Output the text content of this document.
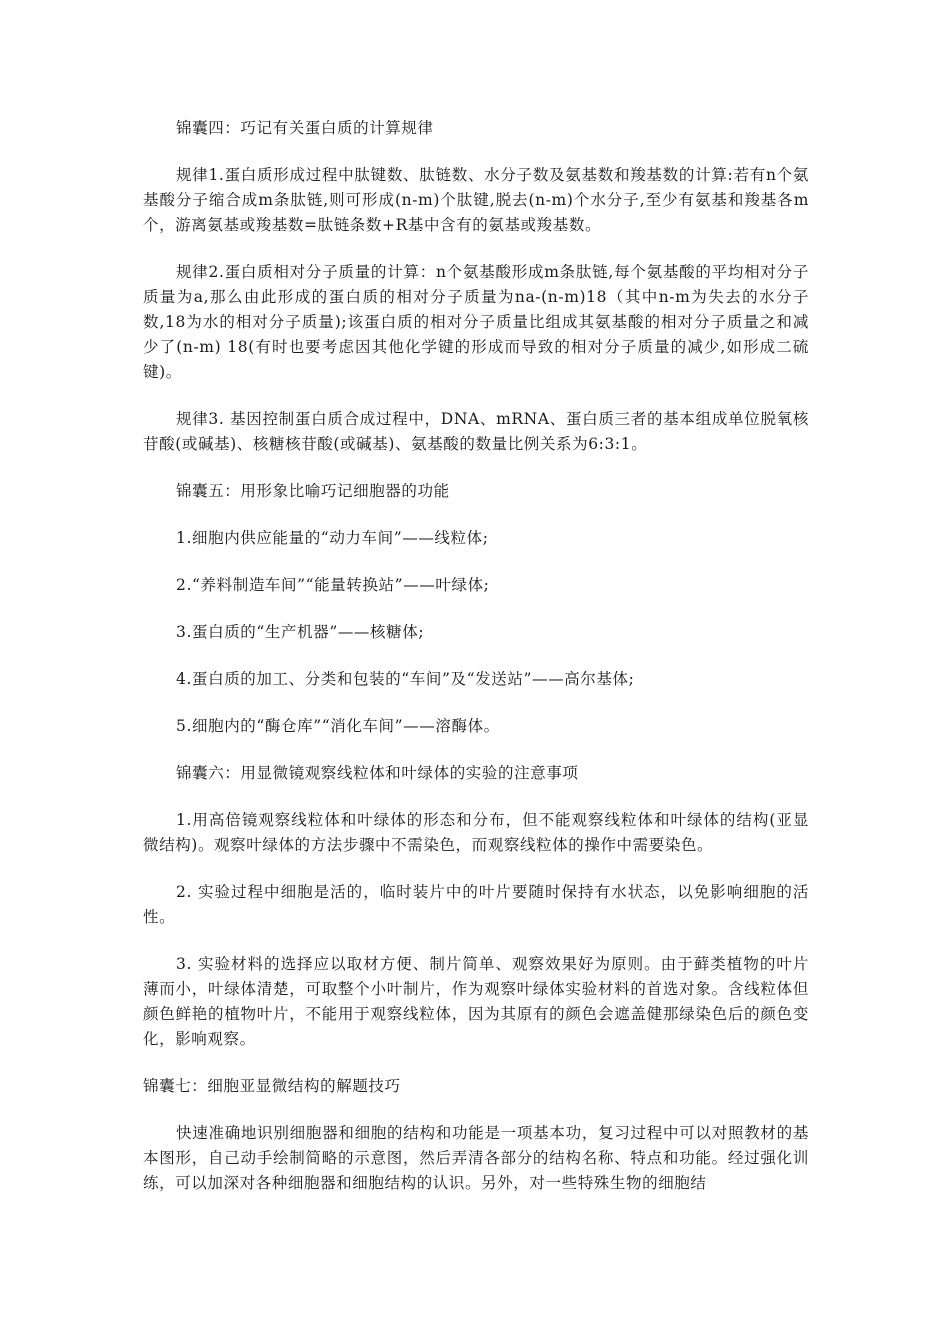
锦囊四：巧记有关蛋白质的计算规律

规律1.蛋白质形成过程中肽键数、肽链数、水分子数及氨基数和羧基数的计算:若有n个氨基酸分子缩合成m条肽链,则可形成(n-m)个肽键,脱去(n-m)个水分子,至少有氨基和羧基各m个，游离氨基或羧基数=肽链条数+R基中含有的氨基或羧基数。

规律2.蛋白质相对分子质量的计算：n个氨基酸形成m条肽链,每个氨基酸的平均相对分子质量为a,那么由此形成的蛋白质的相对分子质量为na-(n-m)18（其中n-m为失去的水分子数,18为水的相对分子质量);该蛋白质的相对分子质量比组成其氨基酸的相对分子质量之和减少了(n-m) 18(有时也要考虑因其他化学键的形成而导致的相对分子质量的减少,如形成二硫键)。

规律3. 基因控制蛋白质合成过程中，DNA、mRNA、蛋白质三者的基本组成单位脱氧核苷酸(或碱基)、核糖核苷酸(或碱基)、氨基酸的数量比例关系为6:3:1。

锦囊五：用形象比喻巧记细胞器的功能

1.细胞内供应能量的“动力车间”——线粒体;

2.“养料制造车间”“能量转换站”——叶绿体;

3.蛋白质的“生产机器”——核糖体;

4.蛋白质的加工、分类和包装的“车间”及“发送站”——高尔基体;

5.细胞内的“酶仓库”“消化车间”——溶酶体。

锦囊六：用显微镜观察线粒体和叶绿体的实验的注意事项

1.用高倍镜观察线粒体和叶绿体的形态和分布，但不能观察线粒体和叶绿体的结构(亚显微结构)。观察叶绿体的方法步骤中不需染色，而观察线粒体的操作中需要染色。

2. 实验过程中细胞是活的，临时装片中的叶片要随时保持有水状态，以免影响细胞的活性。

3. 实验材料的选择应以取材方便、制片简单、观察效果好为原则。由于藓类植物的叶片薄而小，叶绿体清楚，可取整个小叶制片，作为观察叶绿体实验材料的首选对象。含线粒体但颜色鲜艳的植物叶片，不能用于观察线粒体，因为其原有的颜色会遮盖健那绿染色后的颜色变化，影响观察。

锦囊七：细胞亚显微结构的解题技巧

快速准确地识别细胞器和细胞的结构和功能是一项基本功，复习过程中可以对照教材的基本图形，自己动手绘制简略的示意图，然后弄清各部分的结构名称、特点和功能。经过强化训练，可以加深对各种细胞器和细胞结构的认识。另外，对一些特殊生物的细胞结
